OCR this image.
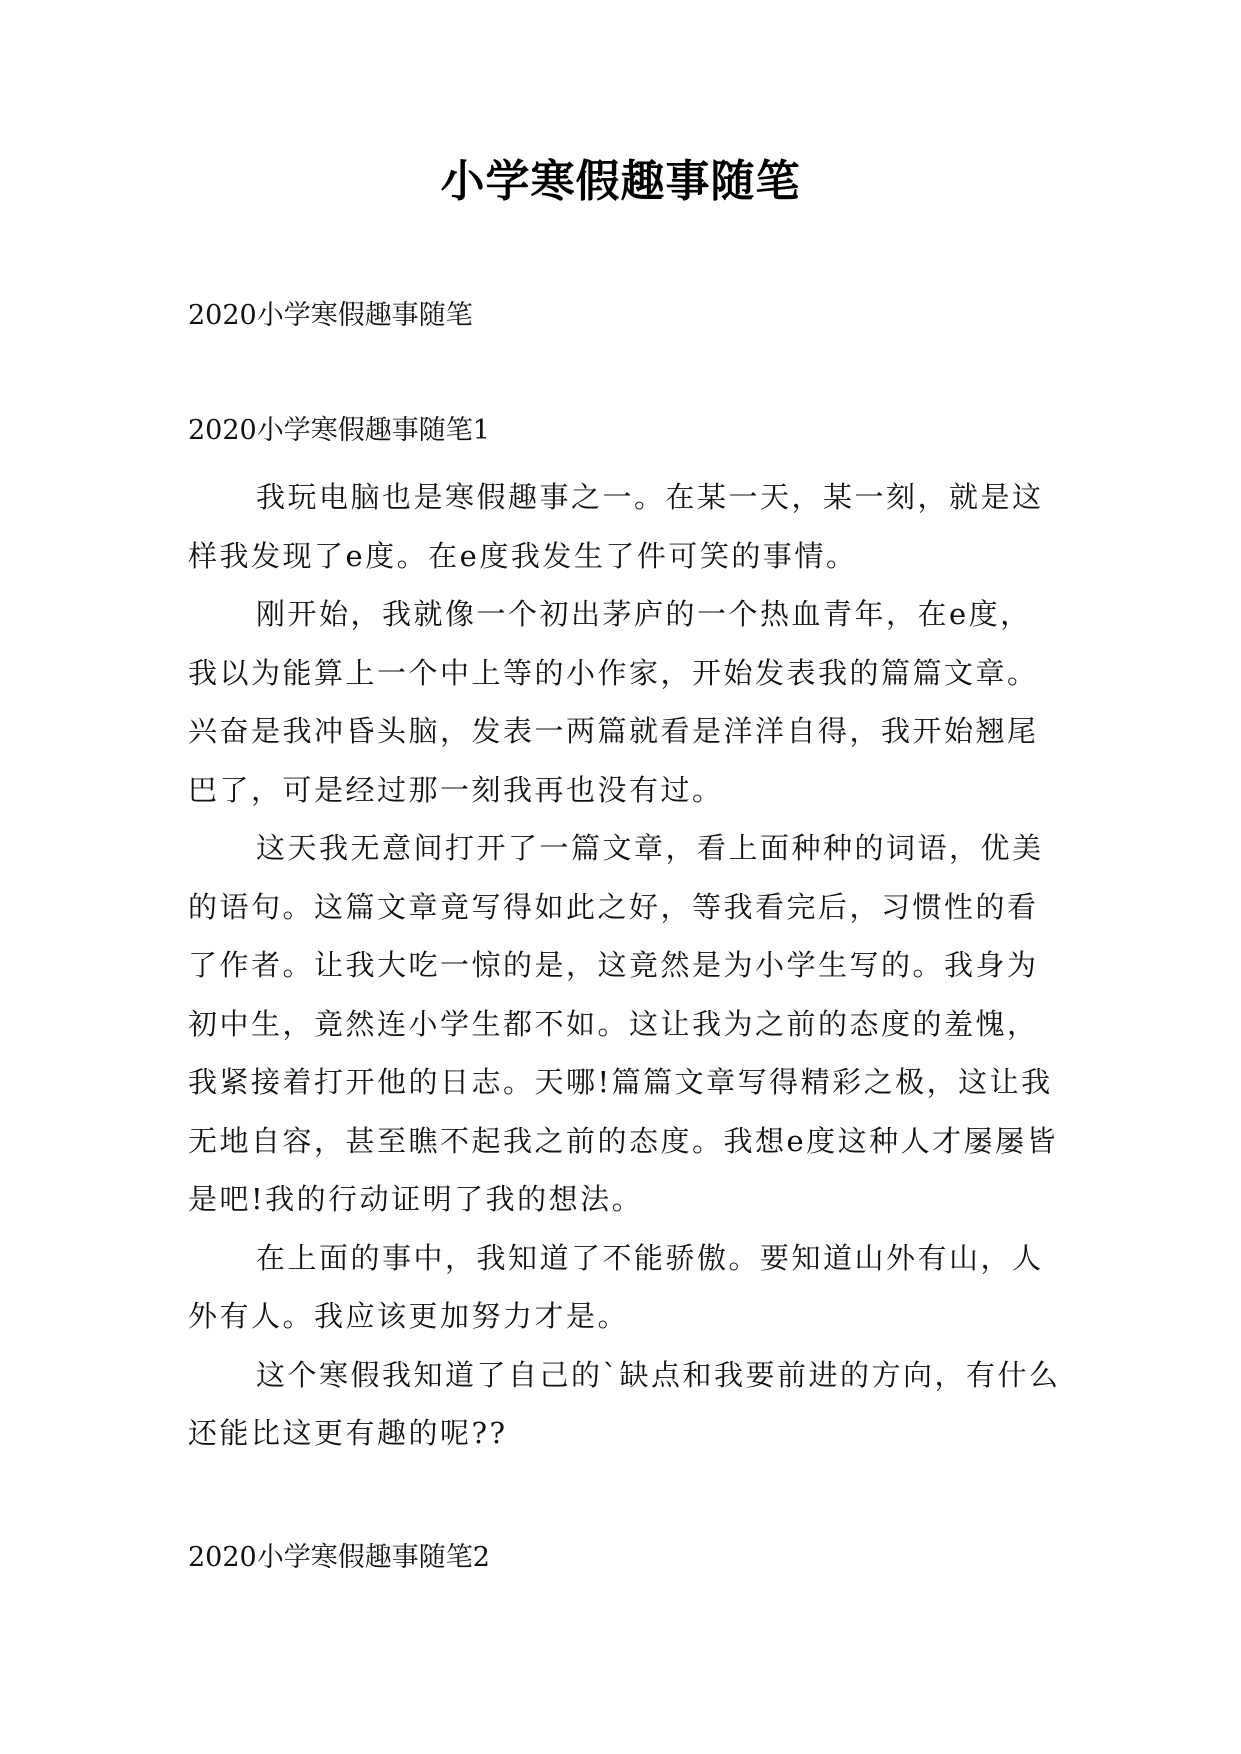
小学寒假趣事随笔
2020小学寒假趣事随笔
2020小学寒假趣事随笔1

我玩电脑也是寒假趣事之一。在某一天，某一刻，就是这样我发现了e度。在e度我发生了件可笑的事情。

刚开始，我就像一个初出茅庐的一个热血青年，在e度，我以为能算上一个中上等的小作家，开始发表我的篇篇文章。兴奋是我冲昏头脑，发表一两篇就看是洋洋自得，我开始翘尾巴了，可是经过那一刻我再也没有过。

这天我无意间打开了一篇文章，看上面种种的词语，优美的语句。这篇文章竟写得如此之好，等我看完后，习惯性的看了作者。让我大吃一惊的是，这竟然是为小学生写的。我身为初中生，竟然连小学生都不如。这让我为之前的态度的羞愧，我紧接着打开他的日志。天哪!篇篇文章写得精彩之极，这让我无地自容，甚至瞧不起我之前的态度。我想e度这种人才屡屡皆是吧!我的行动证明了我的想法。

在上面的事中，我知道了不能骄傲。要知道山外有山，人外有人。我应该更加努力才是。

这个寒假我知道了自己的`缺点和我要前进的方向，有什么还能比这更有趣的呢??

2020小学寒假趣事随笔2
